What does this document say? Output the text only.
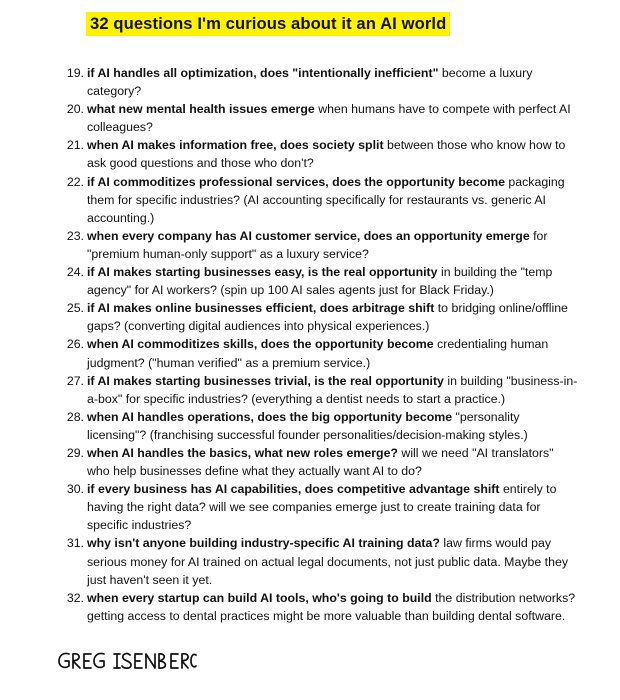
32 questions I'm curious about it an AI world
19. if AI handles all optimization, does "intentionally inefficient" become a luxury category?
20. what new mental health issues emerge when humans have to compete with perfect AI colleagues?
21. when AI makes information free, does society split between those who know how to ask good questions and those who don't?
22. if AI commoditizes professional services, does the opportunity become packaging them for specific industries? (AI accounting specifically for restaurants vs. generic AI accounting.)
23. when every company has AI customer service, does an opportunity emerge for "premium human-only support" as a luxury service?
24. if AI makes starting businesses easy, is the real opportunity in building the "temp agency" for AI workers? (spin up 100 AI sales agents just for Black Friday.)
25. if AI makes online businesses efficient, does arbitrage shift to bridging online/offline gaps? (converting digital audiences into physical experiences.)
26. when AI commoditizes skills, does the opportunity become credentialing human judgment? ("human verified" as a premium service.)
27. if AI makes starting businesses trivial, is the real opportunity in building "business-in-a-box" for specific industries? (everything a dentist needs to start a practice.)
28. when AI handles operations, does the big opportunity become "personality licensing"? (franchising successful founder personalities/decision-making styles.)
29. when AI handles the basics, what new roles emerge? will we need "AI translators" who help businesses define what they actually want AI to do?
30. if every business has AI capabilities, does competitive advantage shift entirely to having the right data? will we see companies emerge just to create training data for specific industries?
31. why isn't anyone building industry-specific AI training data? law firms would pay serious money for AI trained on actual legal documents, not just public data. Maybe they just haven't seen it yet.
32. when every startup can build AI tools, who's going to build the distribution networks? getting access to dental practices might be more valuable than building dental software.
